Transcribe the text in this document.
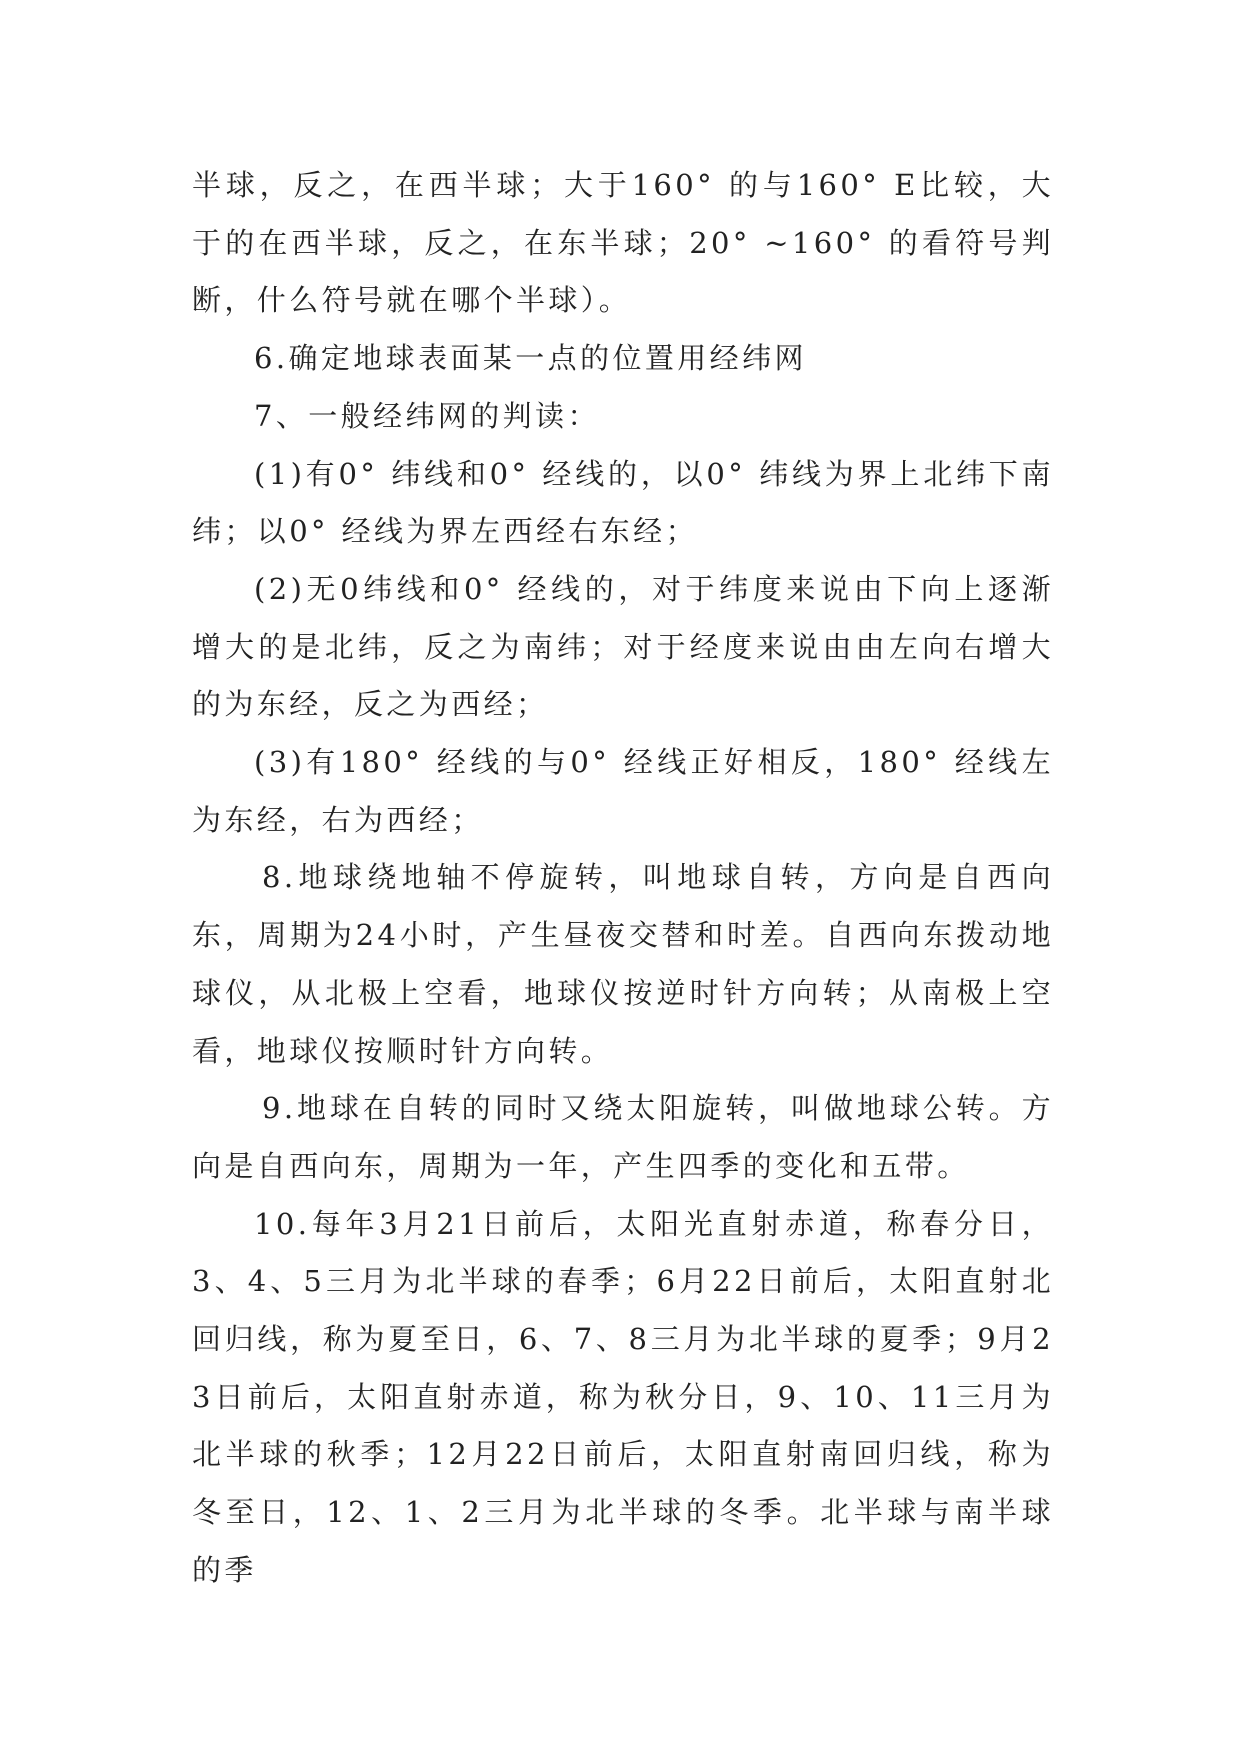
半球，反之，在西半球；大于160° 的与160° E比较，大于的在西半球，反之，在东半球；20° ~160° 的看符号判断，什么符号就在哪个半球）。

6.确定地球表面某一点的位置用经纬网

7、一般经纬网的判读：

(1)有0° 纬线和0° 经线的，以0° 纬线为界上北纬下南纬；以0° 经线为界左西经右东经；

(2)无0纬线和0° 经线的，对于纬度来说由下向上逐渐增大的是北纬，反之为南纬；对于经度来说由由左向右增大的为东经，反之为西经；

(3)有180° 经线的与0° 经线正好相反，180° 经线左为东经，右为西经；

8.地球绕地轴不停旋转，叫地球自转，方向是自西向东，周期为24小时，产生昼夜交替和时差。自西向东拨动地球仪，从北极上空看，地球仪按逆时针方向转；从南极上空看，地球仪按顺时针方向转。

9.地球在自转的同时又绕太阳旋转，叫做地球公转。方向是自西向东，周期为一年，产生四季的变化和五带。

10.每年3月21日前后，太阳光直射赤道，称春分日，3、4、5三月为北半球的春季；6月22日前后，太阳直射北回归线，称为夏至日，6、7、8三月为北半球的夏季；9月23日前后，太阳直射赤道，称为秋分日，9、10、11三月为北半球的秋季；12月22日前后，太阳直射南回归线，称为冬至日，12、1、2三月为北半球的冬季。北半球与南半球的季
